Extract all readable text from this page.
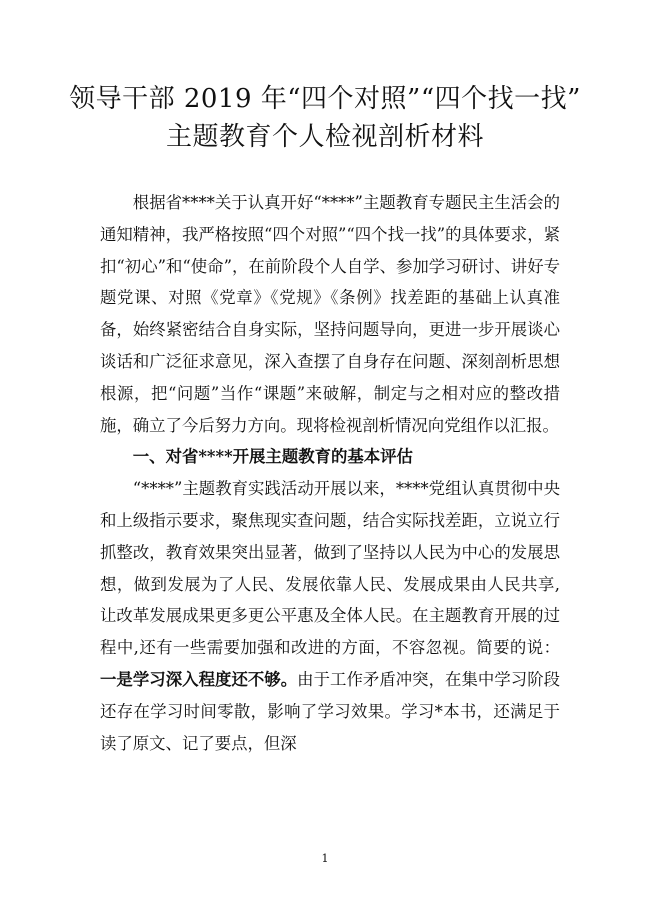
领导干部 2019 年“四个对照”“四个找一找”
主题教育个人检视剖析材料

根据省****关于认真开好“****”主题教育专题民主生活会的通知精神，我严格按照“四个对照”“四个找一找”的具体要求，紧扣“初心”和“使命”，在前阶段个人自学、参加学习研讨、讲好专题党课、对照《党章》《党规》《条例》找差距的基础上认真准备，始终紧密结合自身实际，坚持问题导向，更进一步开展谈心谈话和广泛征求意见，深入查摆了自身存在问题、深刻剖析思想根源，把“问题”当作“课题”来破解，制定与之相对应的整改措施，确立了今后努力方向。现将检视剖析情况向党组作以汇报。

一、对省****开展主题教育的基本评估

“****”主题教育实践活动开展以来，****党组认真贯彻中央和上级指示要求，聚焦现实查问题，结合实际找差距，立说立行抓整改，教育效果突出显著，做到了坚持以人民为中心的发展思想，做到发展为了人民、发展依靠人民、发展成果由人民共享,让改革发展成果更多更公平惠及全体人民。在主题教育开展的过程中,还有一些需要加强和改进的方面，不容忽视。简要的说：一是学习深入程度还不够。由于工作矛盾冲突，在集中学习阶段还存在学习时间零散，影响了学习效果。学习*本书，还满足于读了原文、记了要点，但深

1
